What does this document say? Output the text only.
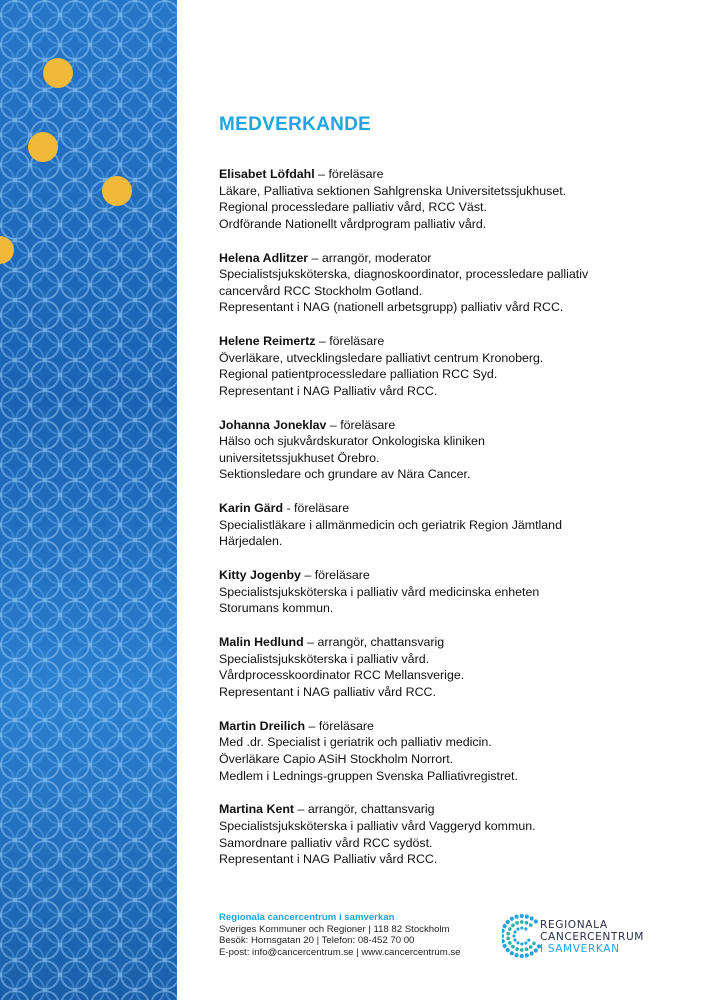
MEDVERKANDE
Elisabet Löfdahl – föreläsare
Läkare, Palliativa sektionen Sahlgrenska Universitetssjukhuset.
Regional processledare palliativ vård, RCC Väst.
Ordförande Nationellt vårdprogram palliativ vård.
Helena Adlitzer – arrangör, moderator
Specialistsjuksköterska, diagnoskoordinator, processledare palliativ
cancervård RCC Stockholm Gotland.
Representant i NAG (nationell arbetsgrupp) palliativ vård RCC.
Helene Reimertz – föreläsare
Överläkare, utvecklingsledare palliativt centrum Kronoberg.
Regional patientprocessledare palliation RCC Syd.
Representant i NAG Palliativ vård RCC.
Johanna Joneklav – föreläsare
Hälso och sjukvårdskurator Onkologiska kliniken
universitetssjukhuset Örebro.
Sektionsledare och grundare av Nära Cancer.
Karin Gärd - föreläsare
Specialistläkare i allmänmedicin och geriatrik Region Jämtland
Härjedalen.
Kitty Jogenby – föreläsare
Specialistsjuksköterska i palliativ vård medicinska enheten
Storumans kommun.
Malin Hedlund – arrangör, chattansvarig
Specialistsjuksköterska i palliativ vård.
Vårdprocesskoordinator RCC Mellansverige.
Representant i NAG palliativ vård RCC.
Martin Dreilich – föreläsare
Med .dr. Specialist i geriatrik och palliativ medicin.
Överläkare Capio ASiH Stockholm Norrort.
Medlem i Lednings-gruppen Svenska Palliativregistret.
Martina Kent – arrangör, chattansvarig
Specialistsjuksköterska i palliativ vård Vaggeryd kommun.
Samordnare palliativ vård RCC sydöst.
Representant i NAG Palliativ vård RCC.
Regionala cancercentrum i samverkan
Sveriges Kommuner och Regioner | 118 82 Stockholm
Besök: Hornsgatan 20 | Telefon: 08-452 70 00
E-post: info@cancercentrum.se | www.cancercentrum.se
REGIONALA
CANCERCENTRUM
I SAMVERKAN
